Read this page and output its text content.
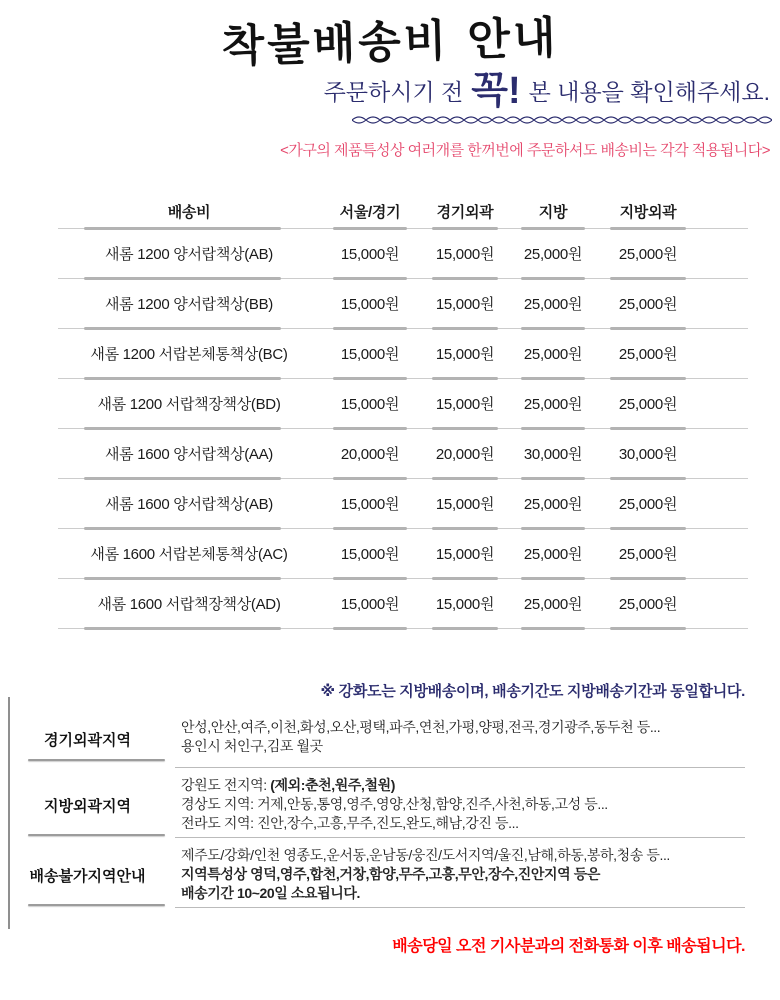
착불배송비 안내
주문하시기 전 꼭! 본 내용을 확인해주세요.
<가구의 제품특성상 여러개를 한꺼번에 주문하셔도 배송비는 각각 적용됩니다>
배송비	서울/경기	경기외곽	지방	지방외곽
새롬 1200 양서랍책상(AB)	15,000원	15,000원	25,000원	25,000원
새롬 1200 양서랍책상(BB)	15,000원	15,000원	25,000원	25,000원
새롬 1200 서랍본체통책상(BC)	15,000원	15,000원	25,000원	25,000원
새롬 1200 서랍책장책상(BD)	15,000원	15,000원	25,000원	25,000원
새롬 1600 양서랍책상(AA)	20,000원	20,000원	30,000원	30,000원
새롬 1600 양서랍책상(AB)	15,000원	15,000원	25,000원	25,000원
새롬 1600 서랍본체통책상(AC)	15,000원	15,000원	25,000원	25,000원
새롬 1600 서랍책장책상(AD)	15,000원	15,000원	25,000원	25,000원
※ 강화도는 지방배송이며, 배송기간도 지방배송기간과 동일합니다.
경기외곽지역
안성,안산,여주,이천,화성,오산,평택,파주,연천,가평,양평,전곡,경기광주,동두천 등...
용인시 처인구,김포 월곳
지방외곽지역
강원도 전지역: (제외:춘천,원주,철원)
경상도 지역: 거제,안동,통영,영주,영양,산청,함양,진주,사천,하동,고성 등...
전라도 지역: 진안,장수,고흥,무주,진도,완도,해남,강진 등...
배송불가지역안내
제주도/강화/인천 영종도,운서동,운남동/웅진/도서지역/울진,남해,하동,봉하,청송 등...
지역특성상 영덕,영주,합천,거창,함양,무주,고흥,무안,장수,진안지역 등은
배송기간 10~20일 소요됩니다.
배송당일 오전 기사분과의 전화통화 이후 배송됩니다.
